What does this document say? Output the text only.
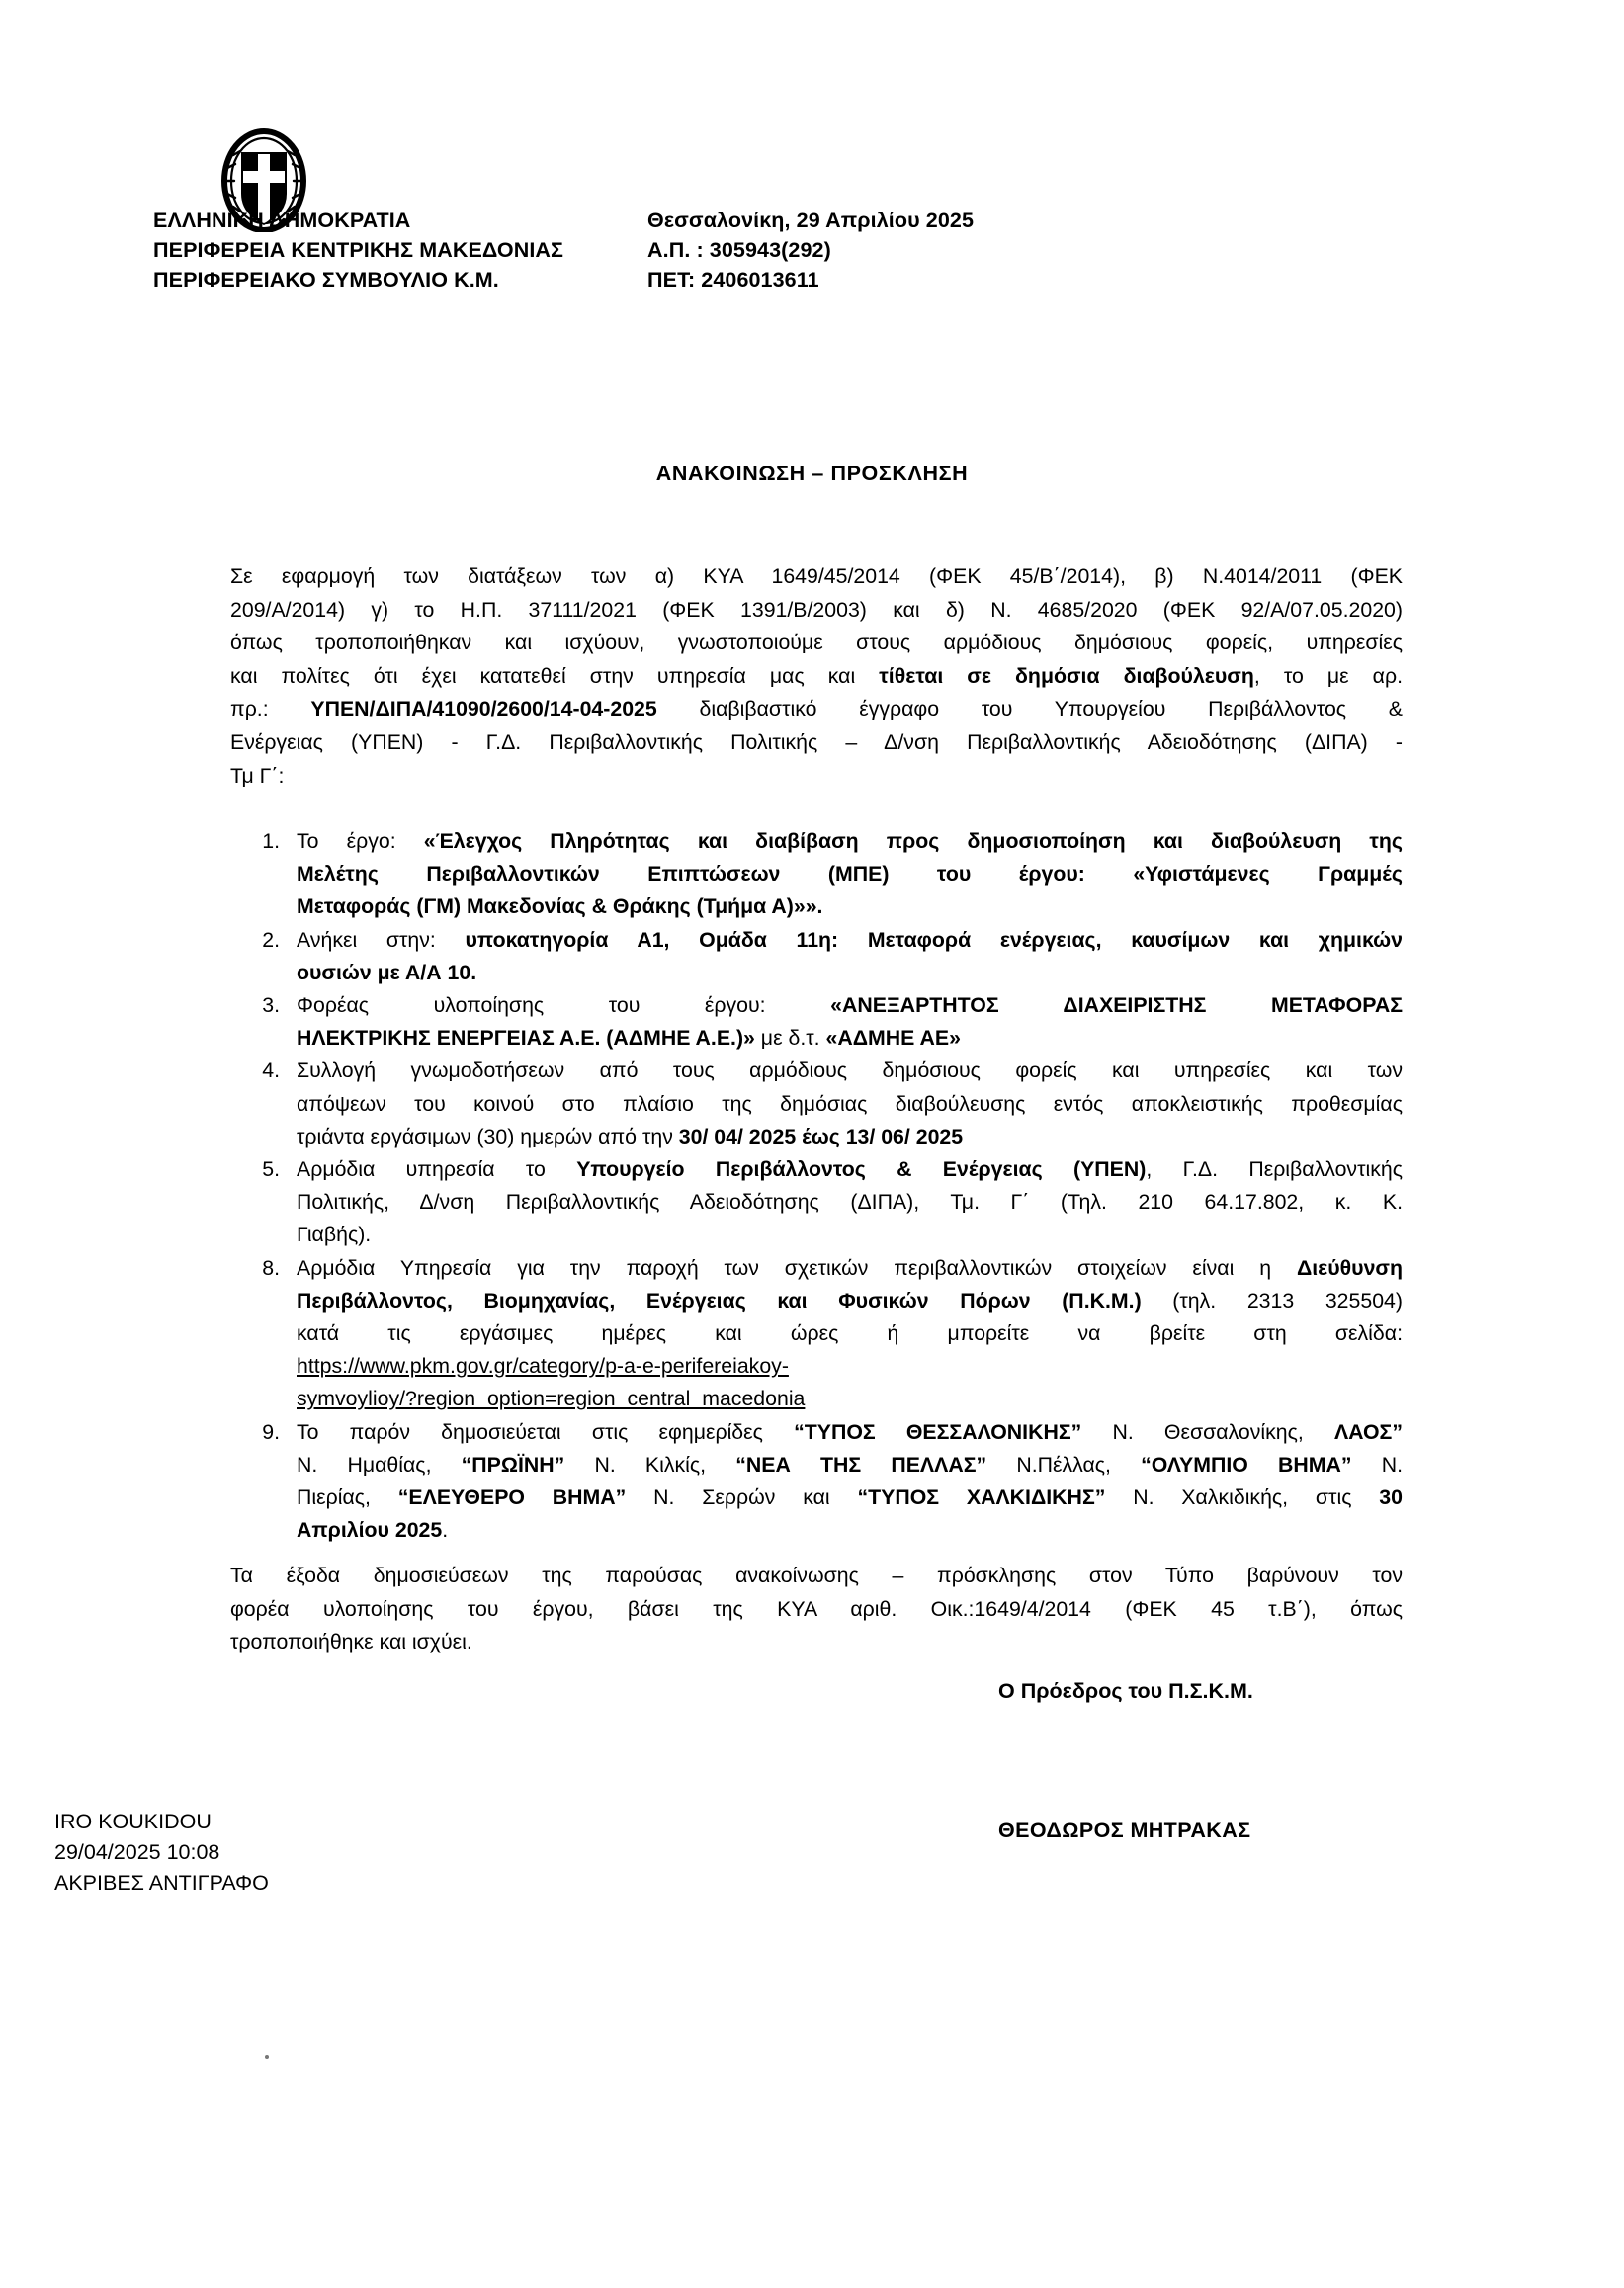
ΕΛΛΗΝΙΚΗ ΔΗΜΟΚΡΑΤΙΑ
ΠΕΡΙΦΕΡΕΙΑ ΚΕΝΤΡΙΚΗΣ ΜΑΚΕΔΟΝΙΑΣ
ΠΕΡΙΦΕΡΕΙΑΚΟ ΣΥΜΒΟΥΛΙΟ Κ.Μ.
Θεσσαλονίκη, 29 Απριλίου 2025
Α.Π. : 305943(292)
ΠΕΤ: 2406013611
ΑΝΑΚΟΙΝΩΣΗ – ΠΡΟΣΚΛΗΣΗ
Σε εφαρμογή των διατάξεων των α) ΚΥΑ 1649/45/2014 (ΦΕΚ 45/Β΄/2014), β) Ν.4014/2011 (ΦΕΚ
209/Α/2014) γ) το Η.Π. 37111/2021 (ΦΕΚ 1391/Β/2003) και δ) Ν. 4685/2020 (ΦΕΚ 92/Α/07.05.2020)
όπως τροποποιήθηκαν και ισχύουν, γνωστοποιούμε στους αρμόδιους δημόσιους φορείς, υπηρεσίες
και πολίτες ότι έχει κατατεθεί στην υπηρεσία μας και τίθεται σε δημόσια διαβούλευση, το με αρ.
πρ.: ΥΠΕΝ/ΔΙΠΑ/41090/2600/14-04-2025 διαβιβαστικό έγγραφο του Υπουργείου Περιβάλλοντος &
Ενέργειας (ΥΠΕΝ) - Γ.Δ. Περιβαλλοντικής Πολιτικής – Δ/νση Περιβαλλοντικής Αδειοδότησης (ΔΙΠΑ) -
Τμ Γ΄:
1. Το έργο: «Έλεγχος Πληρότητας και διαβίβαση προς δημοσιοποίηση και διαβούλευση της
Μελέτης Περιβαλλοντικών Επιπτώσεων (ΜΠΕ) του έργου: «Υφιστάμενες Γραμμές
Μεταφοράς (ΓΜ) Μακεδονίας & Θράκης (Τμήμα Α)»».
2. Ανήκει στην: υποκατηγορία Α1, Ομάδα 11η: Μεταφορά ενέργειας, καυσίμων και χημικών
ουσιών με Α/Α 10.
3. Φορέας υλοποίησης του έργου: «ΑΝΕΞΑΡΤΗΤΟΣ ΔΙΑΧΕΙΡΙΣΤΗΣ ΜΕΤΑΦΟΡΑΣ
ΗΛΕΚΤΡΙΚΗΣ ΕΝΕΡΓΕΙΑΣ Α.Ε. (ΑΔΜΗΕ Α.Ε.)» με δ.τ. «ΑΔΜΗΕ ΑΕ»
4. Συλλογή γνωμοδοτήσεων από τους αρμόδιους δημόσιους φορείς και υπηρεσίες και των
απόψεων του κοινού στο πλαίσιο της δημόσιας διαβούλευσης εντός αποκλειστικής προθεσμίας
τριάντα εργάσιμων (30) ημερών από την 30/ 04/ 2025 έως 13/ 06/ 2025
5. Αρμόδια υπηρεσία το Υπουργείο Περιβάλλοντος & Ενέργειας (ΥΠΕΝ), Γ.Δ. Περιβαλλοντικής
Πολιτικής, Δ/νση Περιβαλλοντικής Αδειοδότησης (ΔΙΠΑ), Τμ. Γ΄ (Τηλ. 210 64.17.802, κ. Κ.
Γιαβής).
8. Αρμόδια Υπηρεσία για την παροχή των σχετικών περιβαλλοντικών στοιχείων είναι η Διεύθυνση
Περιβάλλοντος, Βιομηχανίας, Ενέργειας και Φυσικών Πόρων (Π.Κ.Μ.) (τηλ. 2313 325504)
κατά τις εργάσιμες ημέρες και ώρες ή μπορείτε να βρείτε στη σελίδα:
https://www.pkm.gov.gr/category/p-a-e-perifereiakoy-
symvoylioy/?region_option=region_central_macedonia
9. Το παρόν δημοσιεύεται στις εφημερίδες “ΤΥΠΟΣ ΘΕΣΣΑΛΟΝΙΚΗΣ” Ν. Θεσσαλονίκης, ΛΑΟΣ”
Ν. Ημαθίας, “ΠΡΩΪΝΗ” Ν. Κιλκίς, “ΝΕΑ ΤΗΣ ΠΕΛΛΑΣ” Ν.Πέλλας, “ΟΛΥΜΠΙΟ ΒΗΜΑ” Ν.
Πιερίας, “ΕΛΕΥΘΕΡΟ ΒΗΜΑ” Ν. Σερρών και “ΤΥΠΟΣ ΧΑΛΚΙΔΙΚΗΣ” Ν. Χαλκιδικής, στις 30
Απριλίου 2025.
Τα έξοδα δημοσιεύσεων της παρούσας ανακοίνωσης – πρόσκλησης στον Τύπο βαρύνουν τον
φορέα υλοποίησης του έργου, βάσει της ΚΥΑ αριθ. Οικ.:1649/4/2014 (ΦΕΚ 45 τ.Β΄), όπως
τροποποιήθηκε και ισχύει.
Ο Πρόεδρος του Π.Σ.Κ.Μ.
ΘΕΟΔΩΡΟΣ ΜΗΤΡΑΚΑΣ
IRO KOUKIDOU
29/04/2025 10:08
ΑΚΡΙΒΕΣ ΑΝΤΙΓΡΑΦΟ
